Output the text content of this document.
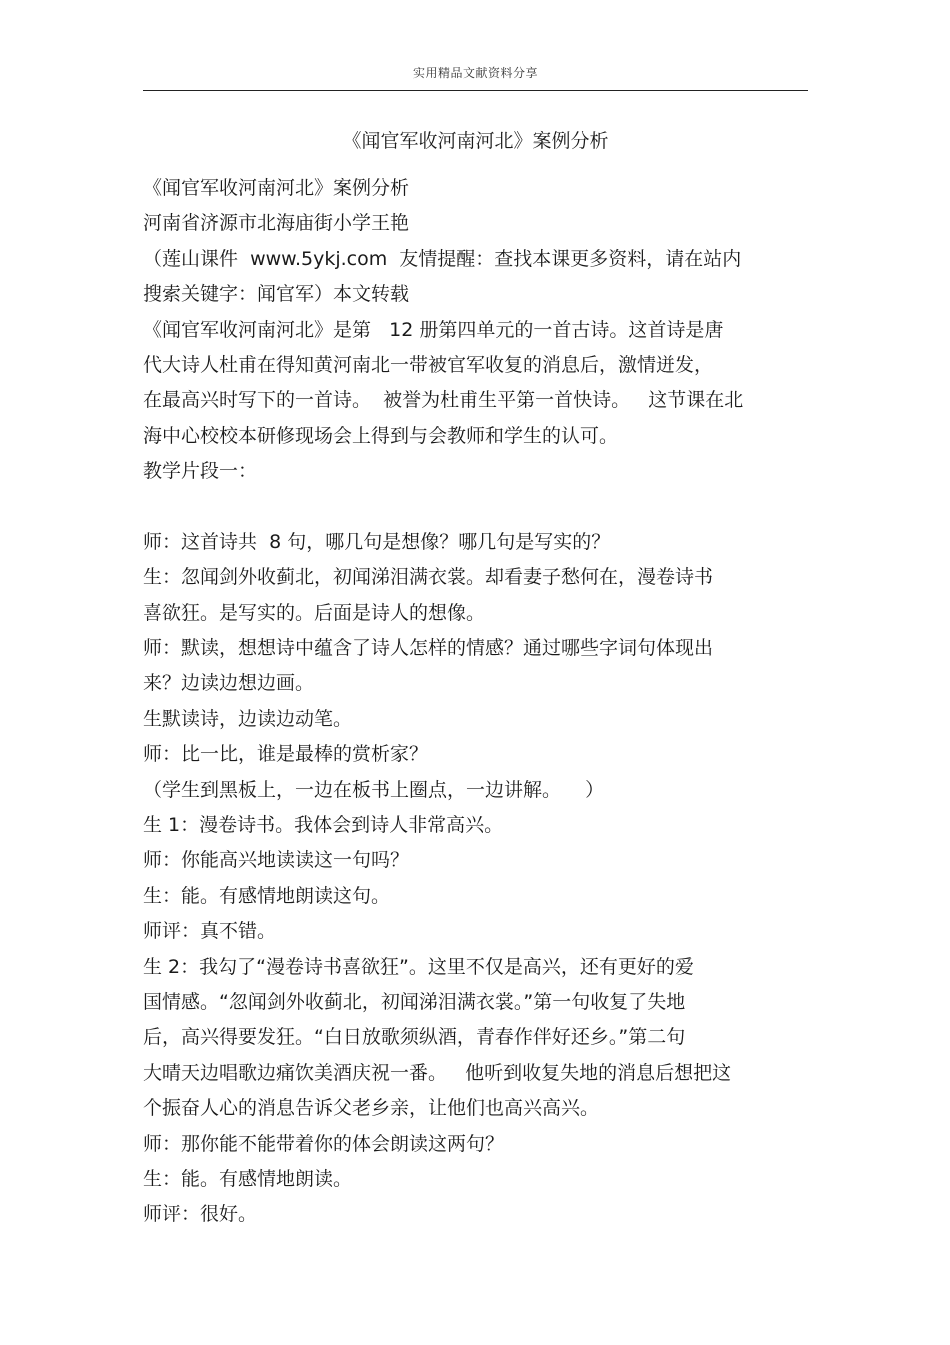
实用精品文献资料分享
《闻官军收河南河北》案例分析
《闻官军收河南河北》案例分析
河南省济源市北海庙街小学王艳
（莲山课件  www.5ykj.com  友情提醒：查找本课更多资料，请在站内
搜索关键字：闻官军）本文转载
《闻官军收河南河北》是第   12 册第四单元的一首古诗。这首诗是唐
代大诗人杜甫在得知黄河南北一带被官军收复的消息后，激情迸发，
在最高兴时写下的一首诗。  被誉为杜甫生平第一首快诗。   这节课在北
海中心校校本研修现场会上得到与会教师和学生的认可。
教学片段一：
师：这首诗共  8 句，哪几句是想像？哪几句是写实的？
生：忽闻剑外收蓟北，初闻涕泪满衣裳。却看妻子愁何在，漫卷诗书
喜欲狂。是写实的。后面是诗人的想像。
师：默读，想想诗中蕴含了诗人怎样的情感？通过哪些字词句体现出
来？边读边想边画。
生默读诗，边读边动笔。
师：比一比，谁是最棒的赏析家？
（学生到黑板上，一边在板书上圈点，一边讲解。    ）
生 1：漫卷诗书。我体会到诗人非常高兴。
师：你能高兴地读读这一句吗？
生：能。有感情地朗读这句。
师评：真不错。
生 2：我勾了“漫卷诗书喜欲狂”。这里不仅是高兴，还有更好的爱
国情感。“忽闻剑外收蓟北，初闻涕泪满衣裳。”第一句收复了失地
后，高兴得要发狂。“白日放歌须纵酒，青春作伴好还乡。”第二句
大晴天边唱歌边痛饮美酒庆祝一番。   他听到收复失地的消息后想把这
个振奋人心的消息告诉父老乡亲，让他们也高兴高兴。
师：那你能不能带着你的体会朗读这两句？
生：能。有感情地朗读。
师评：很好。
